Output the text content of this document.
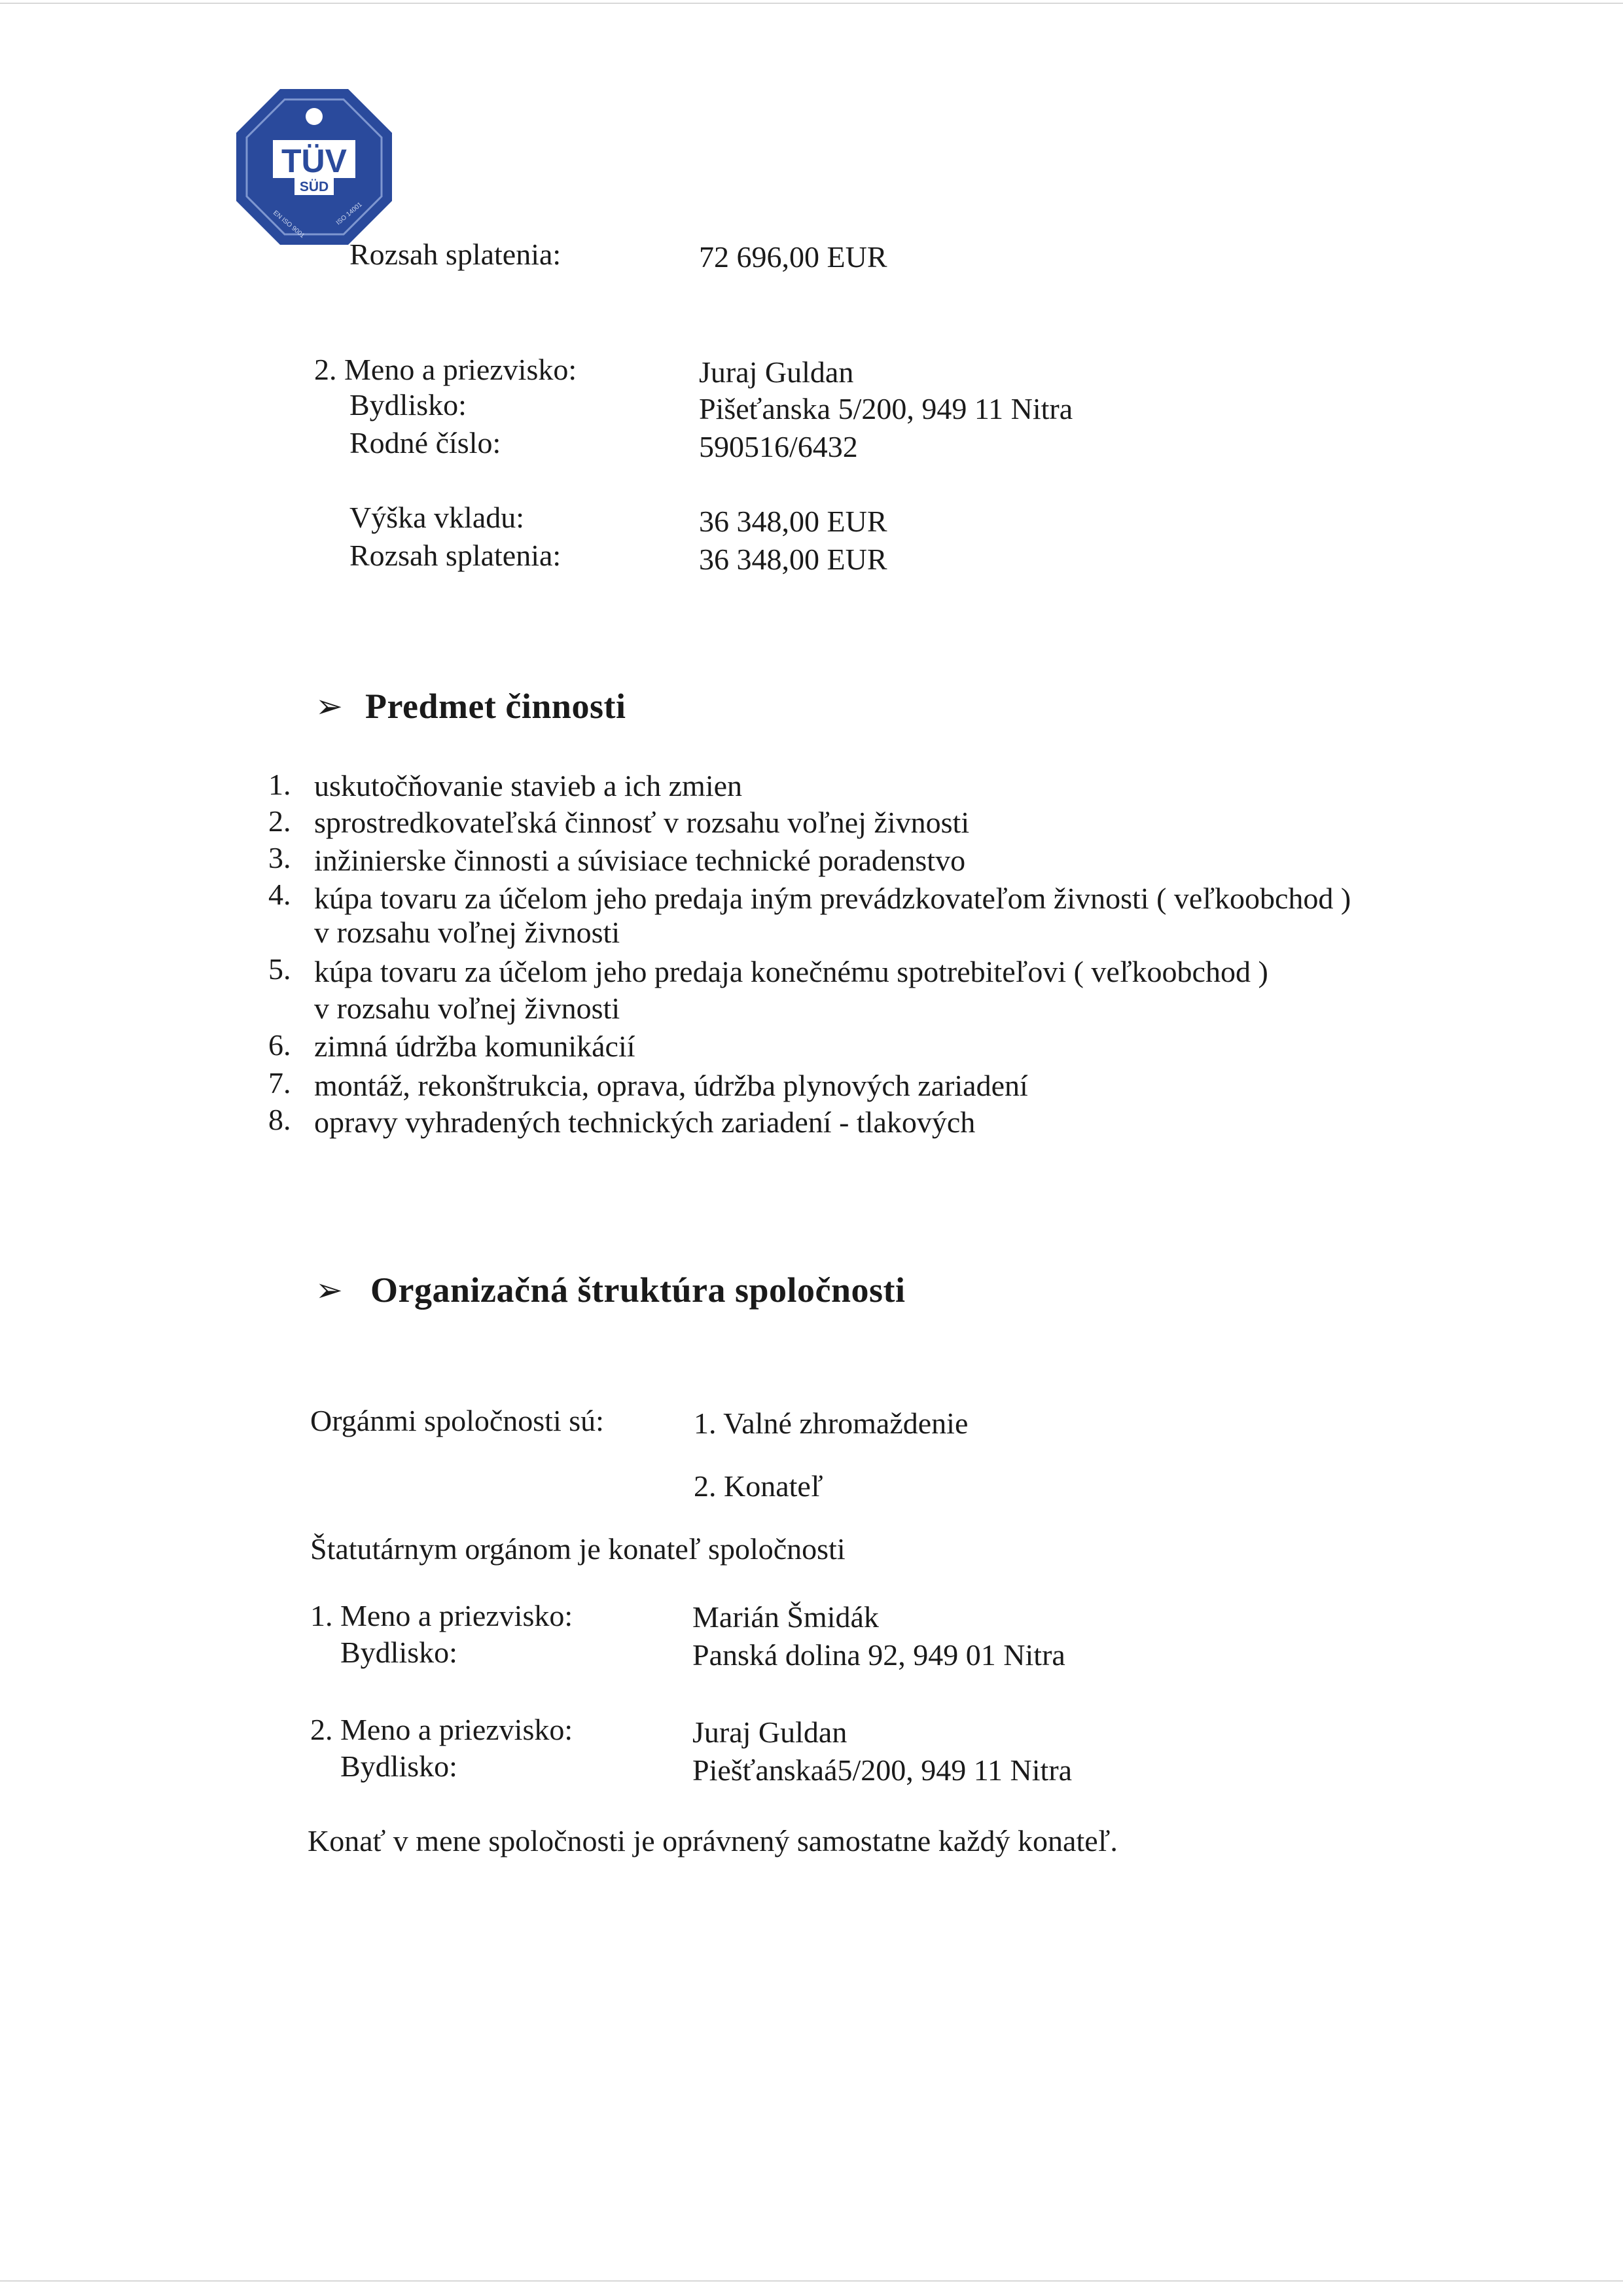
TÜV
SÜD
EN ISO 9001	ISO 14001
Rozsah splatenia:	72 696,00 EUR
2. Meno a priezvisko:	Juraj Guldan
Bydlisko:	Pišeťanska 5/200, 949 11 Nitra
Rodné číslo:	590516/6432
Výška vkladu:	36 348,00 EUR
Rozsah splatenia:	36 348,00 EUR
➢ Predmet činnosti
1. uskutočňovanie stavieb a ich zmien
2. sprostredkovateľská činnosť v rozsahu voľnej živnosti
3. inžinierske činnosti a súvisiace technické poradenstvo
4. kúpa tovaru za účelom jeho predaja iným prevádzkovateľom živnosti ( veľkoobchod )
v rozsahu voľnej živnosti
5. kúpa tovaru za účelom jeho predaja konečnému spotrebiteľovi ( veľkoobchod )
v rozsahu voľnej živnosti
6. zimná údržba komunikácií
7. montáž, rekonštrukcia, oprava, údržba plynových zariadení
8. opravy vyhradených technických zariadení - tlakových
➢ Organizačná štruktúra spoločnosti
Orgánmi spoločnosti sú:	1. Valné zhromaždenie
2. Konateľ
Štatutárnym orgánom je konateľ spoločnosti
1. Meno a priezvisko:	Marián Šmidák
Bydlisko:	Panská dolina 92, 949 01 Nitra
2. Meno a priezvisko:	Juraj Guldan
Bydlisko:	Piešťanskaá5/200, 949 11 Nitra
Konať v mene spoločnosti je oprávnený samostatne každý konateľ.
